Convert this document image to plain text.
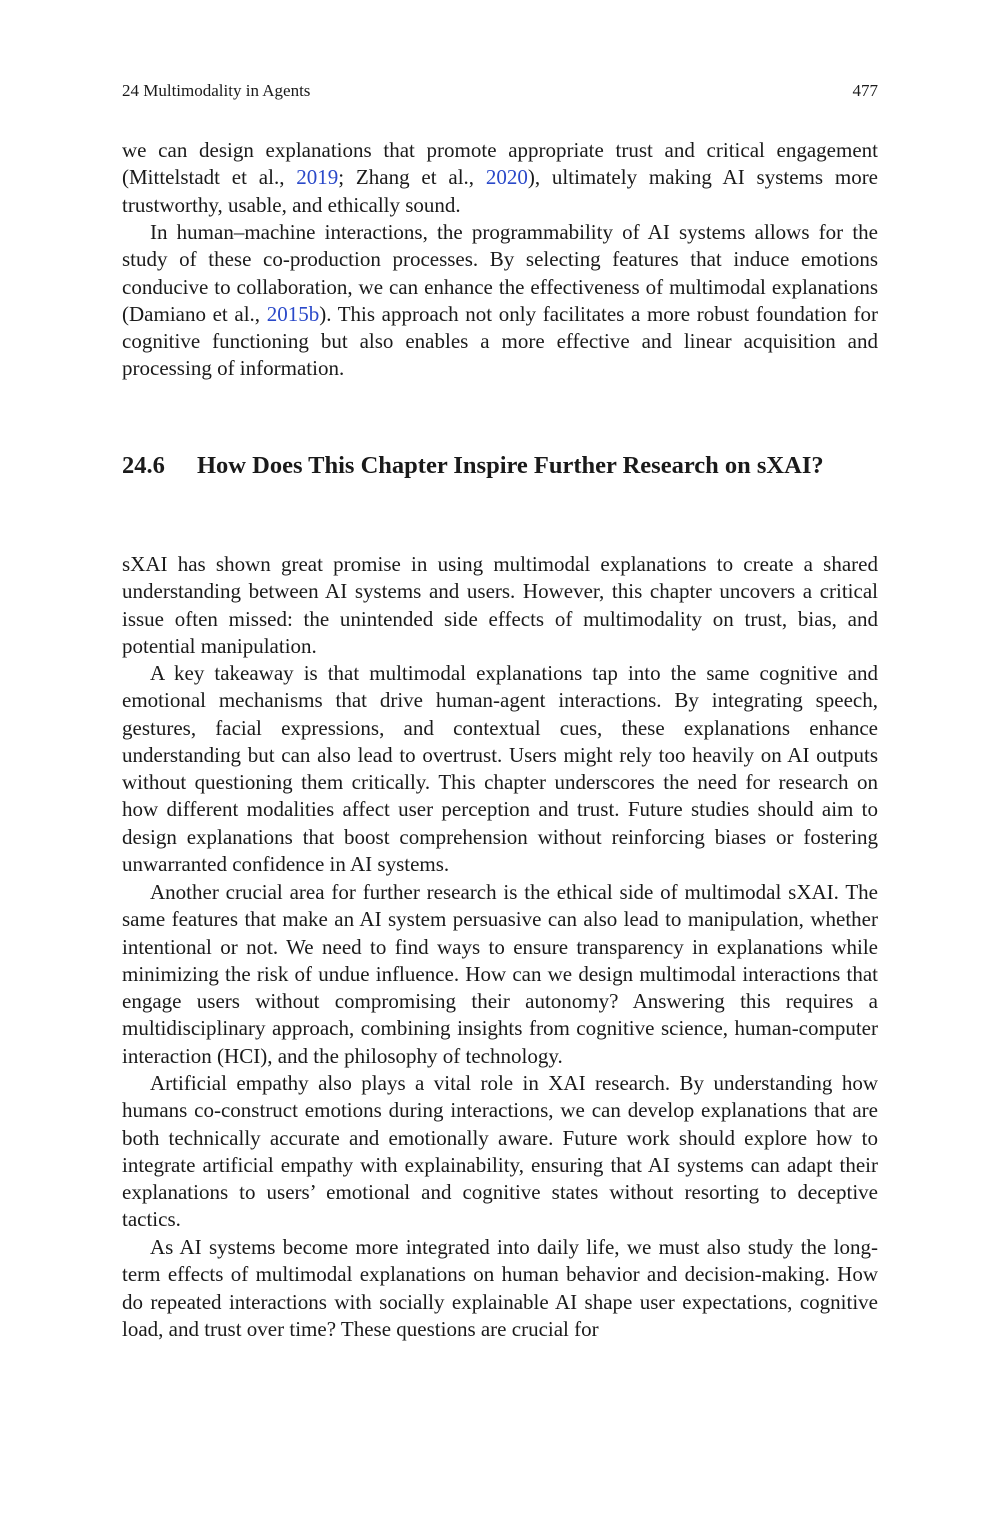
24 Multimodality in Agents	477

we can design explanations that promote appropriate trust and critical engagement (Mittelstadt et al., 2019; Zhang et al., 2020), ultimately making AI systems more trustworthy, usable, and ethically sound.

In human–machine interactions, the programmability of AI systems allows for the study of these co-production processes. By selecting features that induce emotions conducive to collaboration, we can enhance the effectiveness of multimodal explanations (Damiano et al., 2015b). This approach not only facilitates a more robust foundation for cognitive functioning but also enables a more effective and linear acquisition and processing of information.

24.6 How Does This Chapter Inspire Further Research on sXAI?

sXAI has shown great promise in using multimodal explanations to create a shared understanding between AI systems and users. However, this chapter uncovers a critical issue often missed: the unintended side effects of multimodality on trust, bias, and potential manipulation.

A key takeaway is that multimodal explanations tap into the same cognitive and emotional mechanisms that drive human-agent interactions. By integrating speech, gestures, facial expressions, and contextual cues, these explanations enhance understanding but can also lead to overtrust. Users might rely too heavily on AI outputs without questioning them critically. This chapter underscores the need for research on how different modalities affect user perception and trust. Future studies should aim to design explanations that boost comprehension without reinforcing biases or fostering unwarranted confidence in AI systems.

Another crucial area for further research is the ethical side of multimodal sXAI. The same features that make an AI system persuasive can also lead to manipulation, whether intentional or not. We need to find ways to ensure transparency in explanations while minimizing the risk of undue influence. How can we design multimodal interactions that engage users without compromising their autonomy? Answering this requires a multidisciplinary approach, combining insights from cognitive science, human-computer interaction (HCI), and the philosophy of technology.

Artificial empathy also plays a vital role in XAI research. By understanding how humans co-construct emotions during interactions, we can develop explanations that are both technically accurate and emotionally aware. Future work should explore how to integrate artificial empathy with explainability, ensuring that AI systems can adapt their explanations to users’ emotional and cognitive states without resorting to deceptive tactics.

As AI systems become more integrated into daily life, we must also study the long-term effects of multimodal explanations on human behavior and decision-making. How do repeated interactions with socially explainable AI shape user expectations, cognitive load, and trust over time? These questions are crucial for
